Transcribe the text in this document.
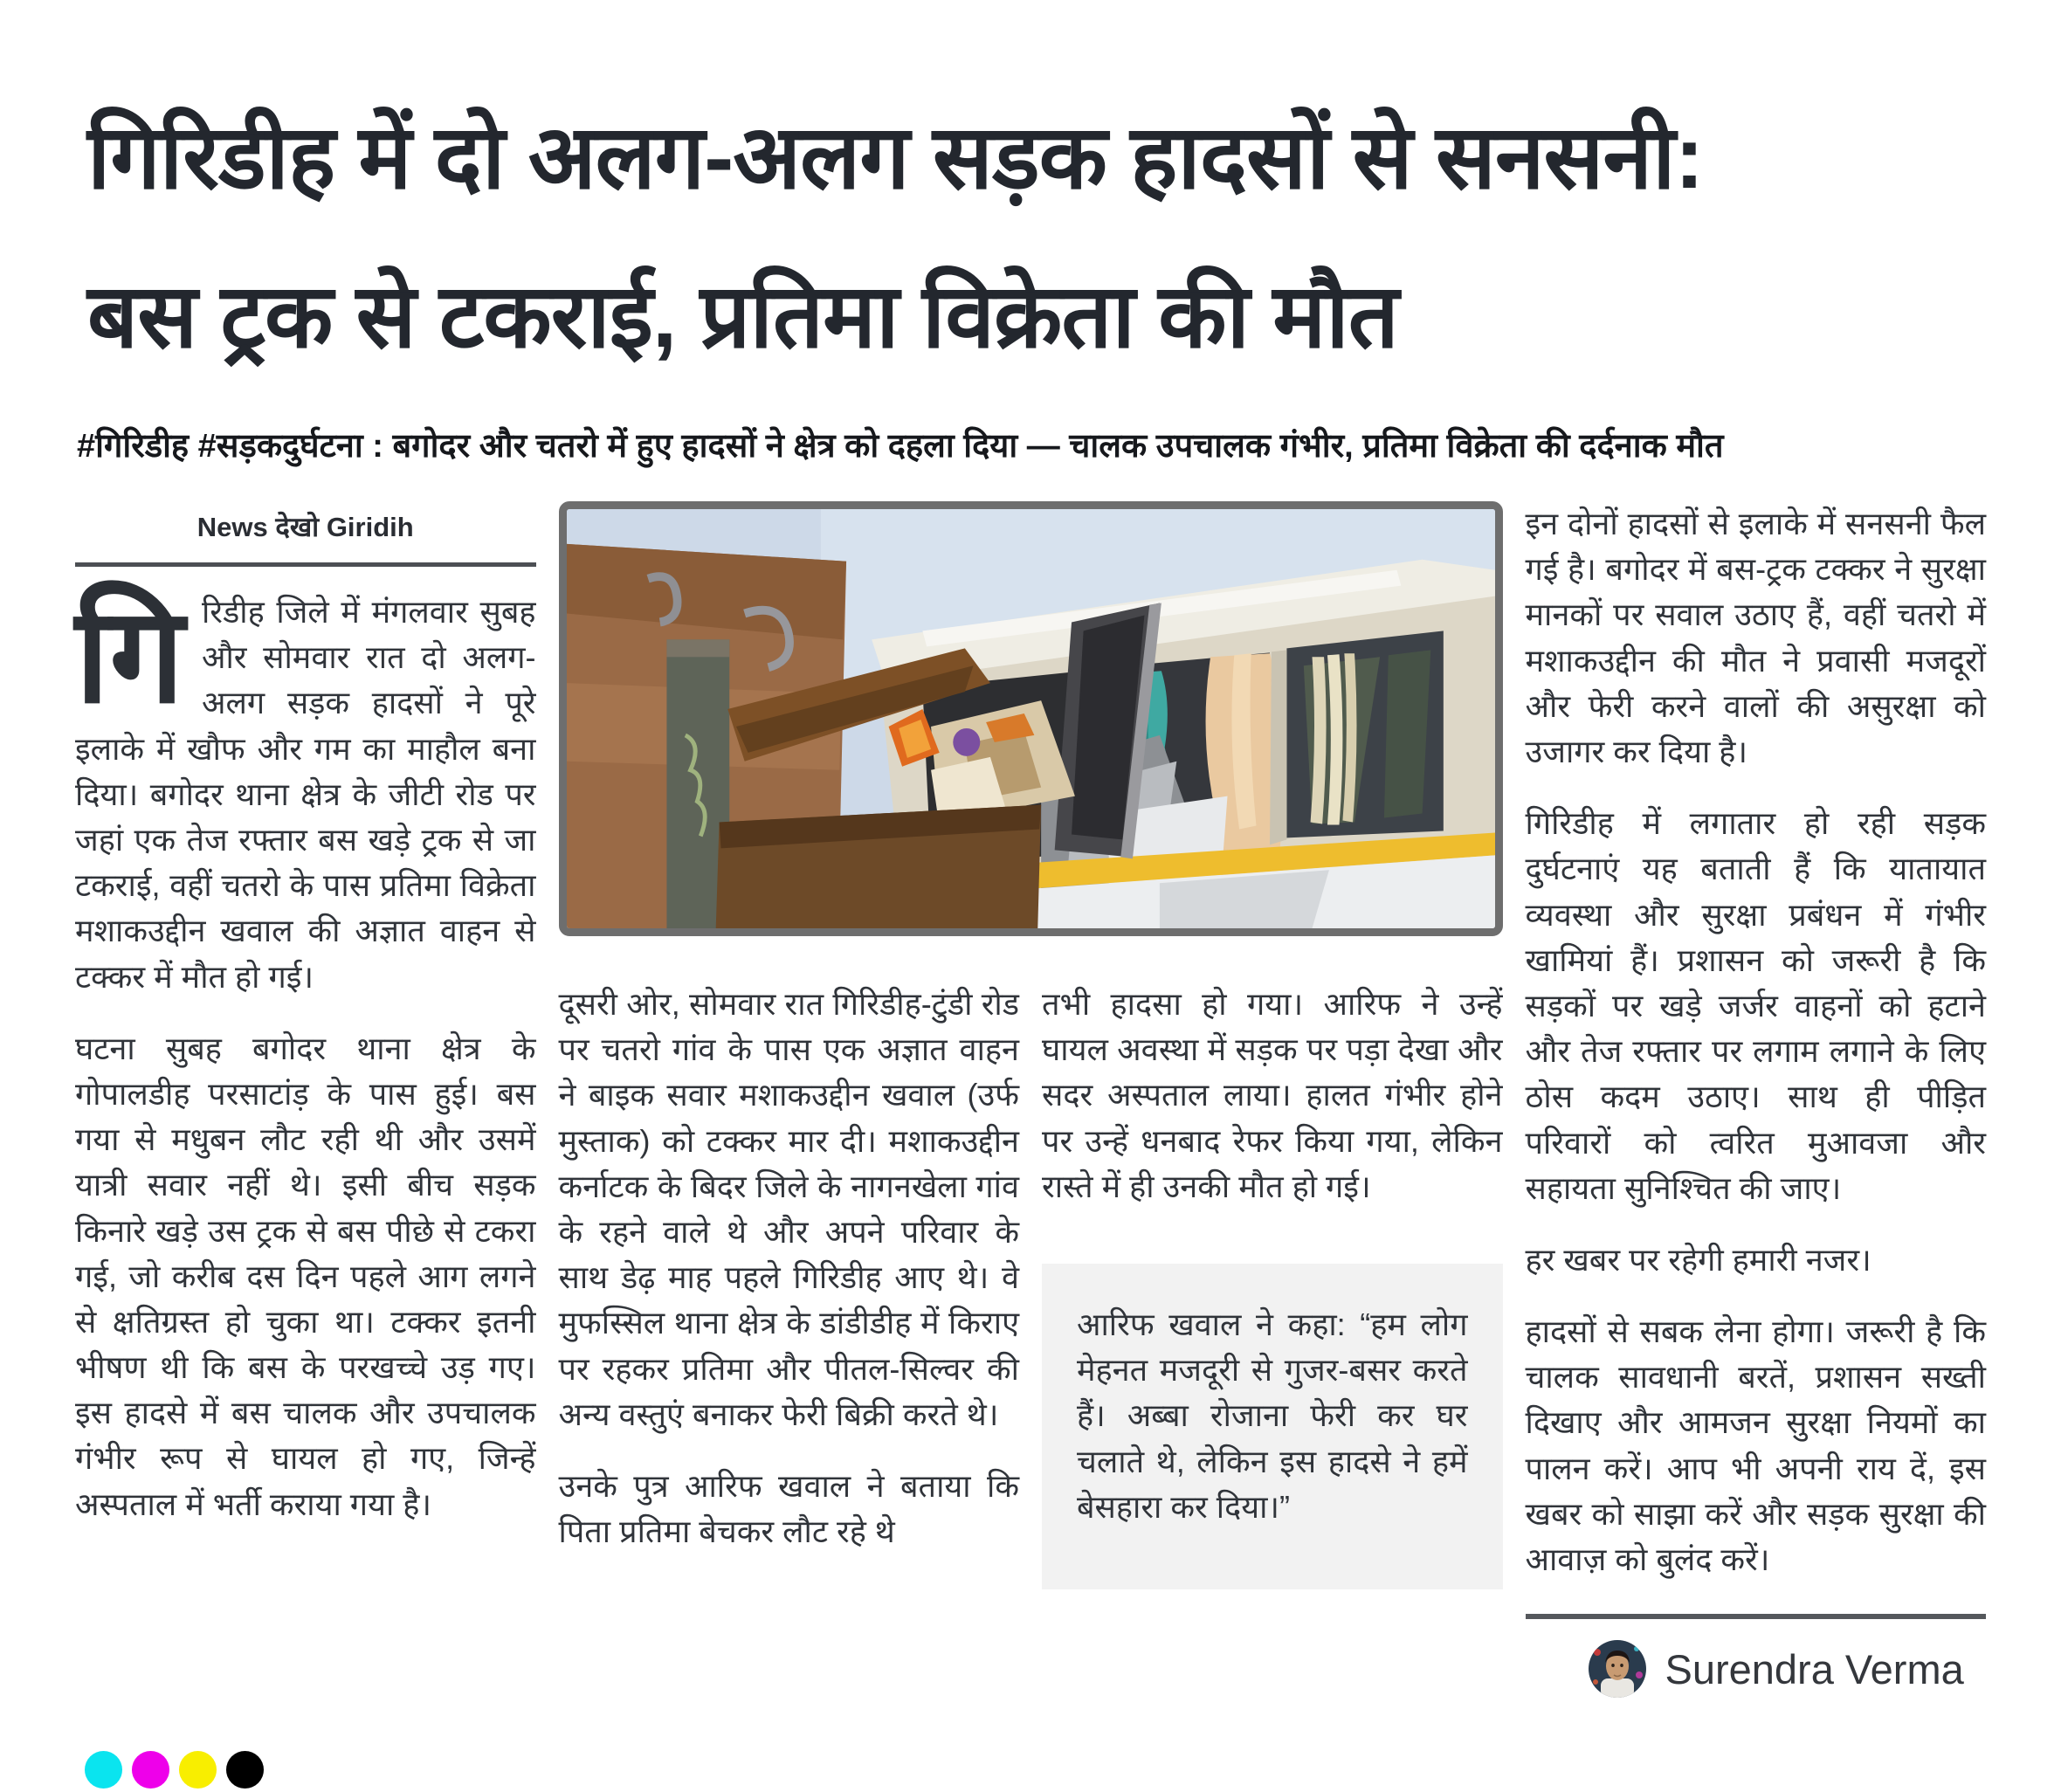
गिरिडीह में दो अलग-अलग सड़क हादसों से सनसनी:
बस ट्रक से टकराई, प्रतिमा विक्रेता की मौत

#गिरिडीह #सड़कदुर्घटना : बगोदर और चतरो में हुए हादसों ने क्षेत्र को दहला दिया — चालक उपचालक गंभीर, प्रतिमा विक्रेता की दर्दनाक मौत

News देखो Giridih

गिरिडीह जिले में मंगलवार सुबह और सोमवार रात दो अलग-अलग सड़क हादसों ने पूरे इलाके में खौफ और गम का माहौल बना दिया। बगोदर थाना क्षेत्र के जीटी रोड पर जहां एक तेज रफ्तार बस खड़े ट्रक से जा टकराई, वहीं चतरो के पास प्रतिमा विक्रेता मशाकउद्दीन खवाल की अज्ञात वाहन से टक्कर में मौत हो गई।

घटना सुबह बगोदर थाना क्षेत्र के गोपालडीह परसाटांड़ के पास हुई। बस गया से मधुबन लौट रही थी और उसमें यात्री सवार नहीं थे। इसी बीच सड़क किनारे खड़े उस ट्रक से बस पीछे से टकरा गई, जो करीब दस दिन पहले आग लगने से क्षतिग्रस्त हो चुका था। टक्कर इतनी भीषण थी कि बस के परखच्चे उड़ गए। इस हादसे में बस चालक और उपचालक गंभीर रूप से घायल हो गए, जिन्हें अस्पताल में भर्ती कराया गया है।

दूसरी ओर, सोमवार रात गिरिडीह-टुंडी रोड पर चतरो गांव के पास एक अज्ञात वाहन ने बाइक सवार मशाकउद्दीन खवाल (उर्फ मुस्ताक) को टक्कर मार दी। मशाकउद्दीन कर्नाटक के बिदर जिले के नागनखेला गांव के रहने वाले थे और अपने परिवार के साथ डेढ़ माह पहले गिरिडीह आए थे। वे मुफस्सिल थाना क्षेत्र के डांडीडीह में किराए पर रहकर प्रतिमा और पीतल-सिल्वर की अन्य वस्तुएं बनाकर फेरी बिक्री करते थे।

उनके पुत्र आरिफ खवाल ने बताया कि पिता प्रतिमा बेचकर लौट रहे थे

तभी हादसा हो गया। आरिफ ने उन्हें घायल अवस्था में सड़क पर पड़ा देखा और सदर अस्पताल लाया। हालत गंभीर होने पर उन्हें धनबाद रेफर किया गया, लेकिन रास्ते में ही उनकी मौत हो गई।

आरिफ खवाल ने कहा: “हम लोग मेहनत मजदूरी से गुजर-बसर करते हैं। अब्बा रोजाना फेरी कर घर चलाते थे, लेकिन इस हादसे ने हमें बेसहारा कर दिया।”

इन दोनों हादसों से इलाके में सनसनी फैल गई है। बगोदर में बस-ट्रक टक्कर ने सुरक्षा मानकों पर सवाल उठाए हैं, वहीं चतरो में मशाकउद्दीन की मौत ने प्रवासी मजदूरों और फेरी करने वालों की असुरक्षा को उजागर कर दिया है।

गिरिडीह में लगातार हो रही सड़क दुर्घटनाएं यह बताती हैं कि यातायात व्यवस्था और सुरक्षा प्रबंधन में गंभीर खामियां हैं। प्रशासन को जरूरी है कि सड़कों पर खड़े जर्जर वाहनों को हटाने और तेज रफ्तार पर लगाम लगाने के लिए ठोस कदम उठाए। साथ ही पीड़ित परिवारों को त्वरित मुआवजा और सहायता सुनिश्चित की जाए।

हर खबर पर रहेगी हमारी नजर।

हादसों से सबक लेना होगा। जरूरी है कि चालक सावधानी बरतें, प्रशासन सख्ती दिखाए और आमजन सुरक्षा नियमों का पालन करें। आप भी अपनी राय दें, इस खबर को साझा करें और सड़क सुरक्षा की आवाज़ को बुलंद करें।

Surendra Verma
